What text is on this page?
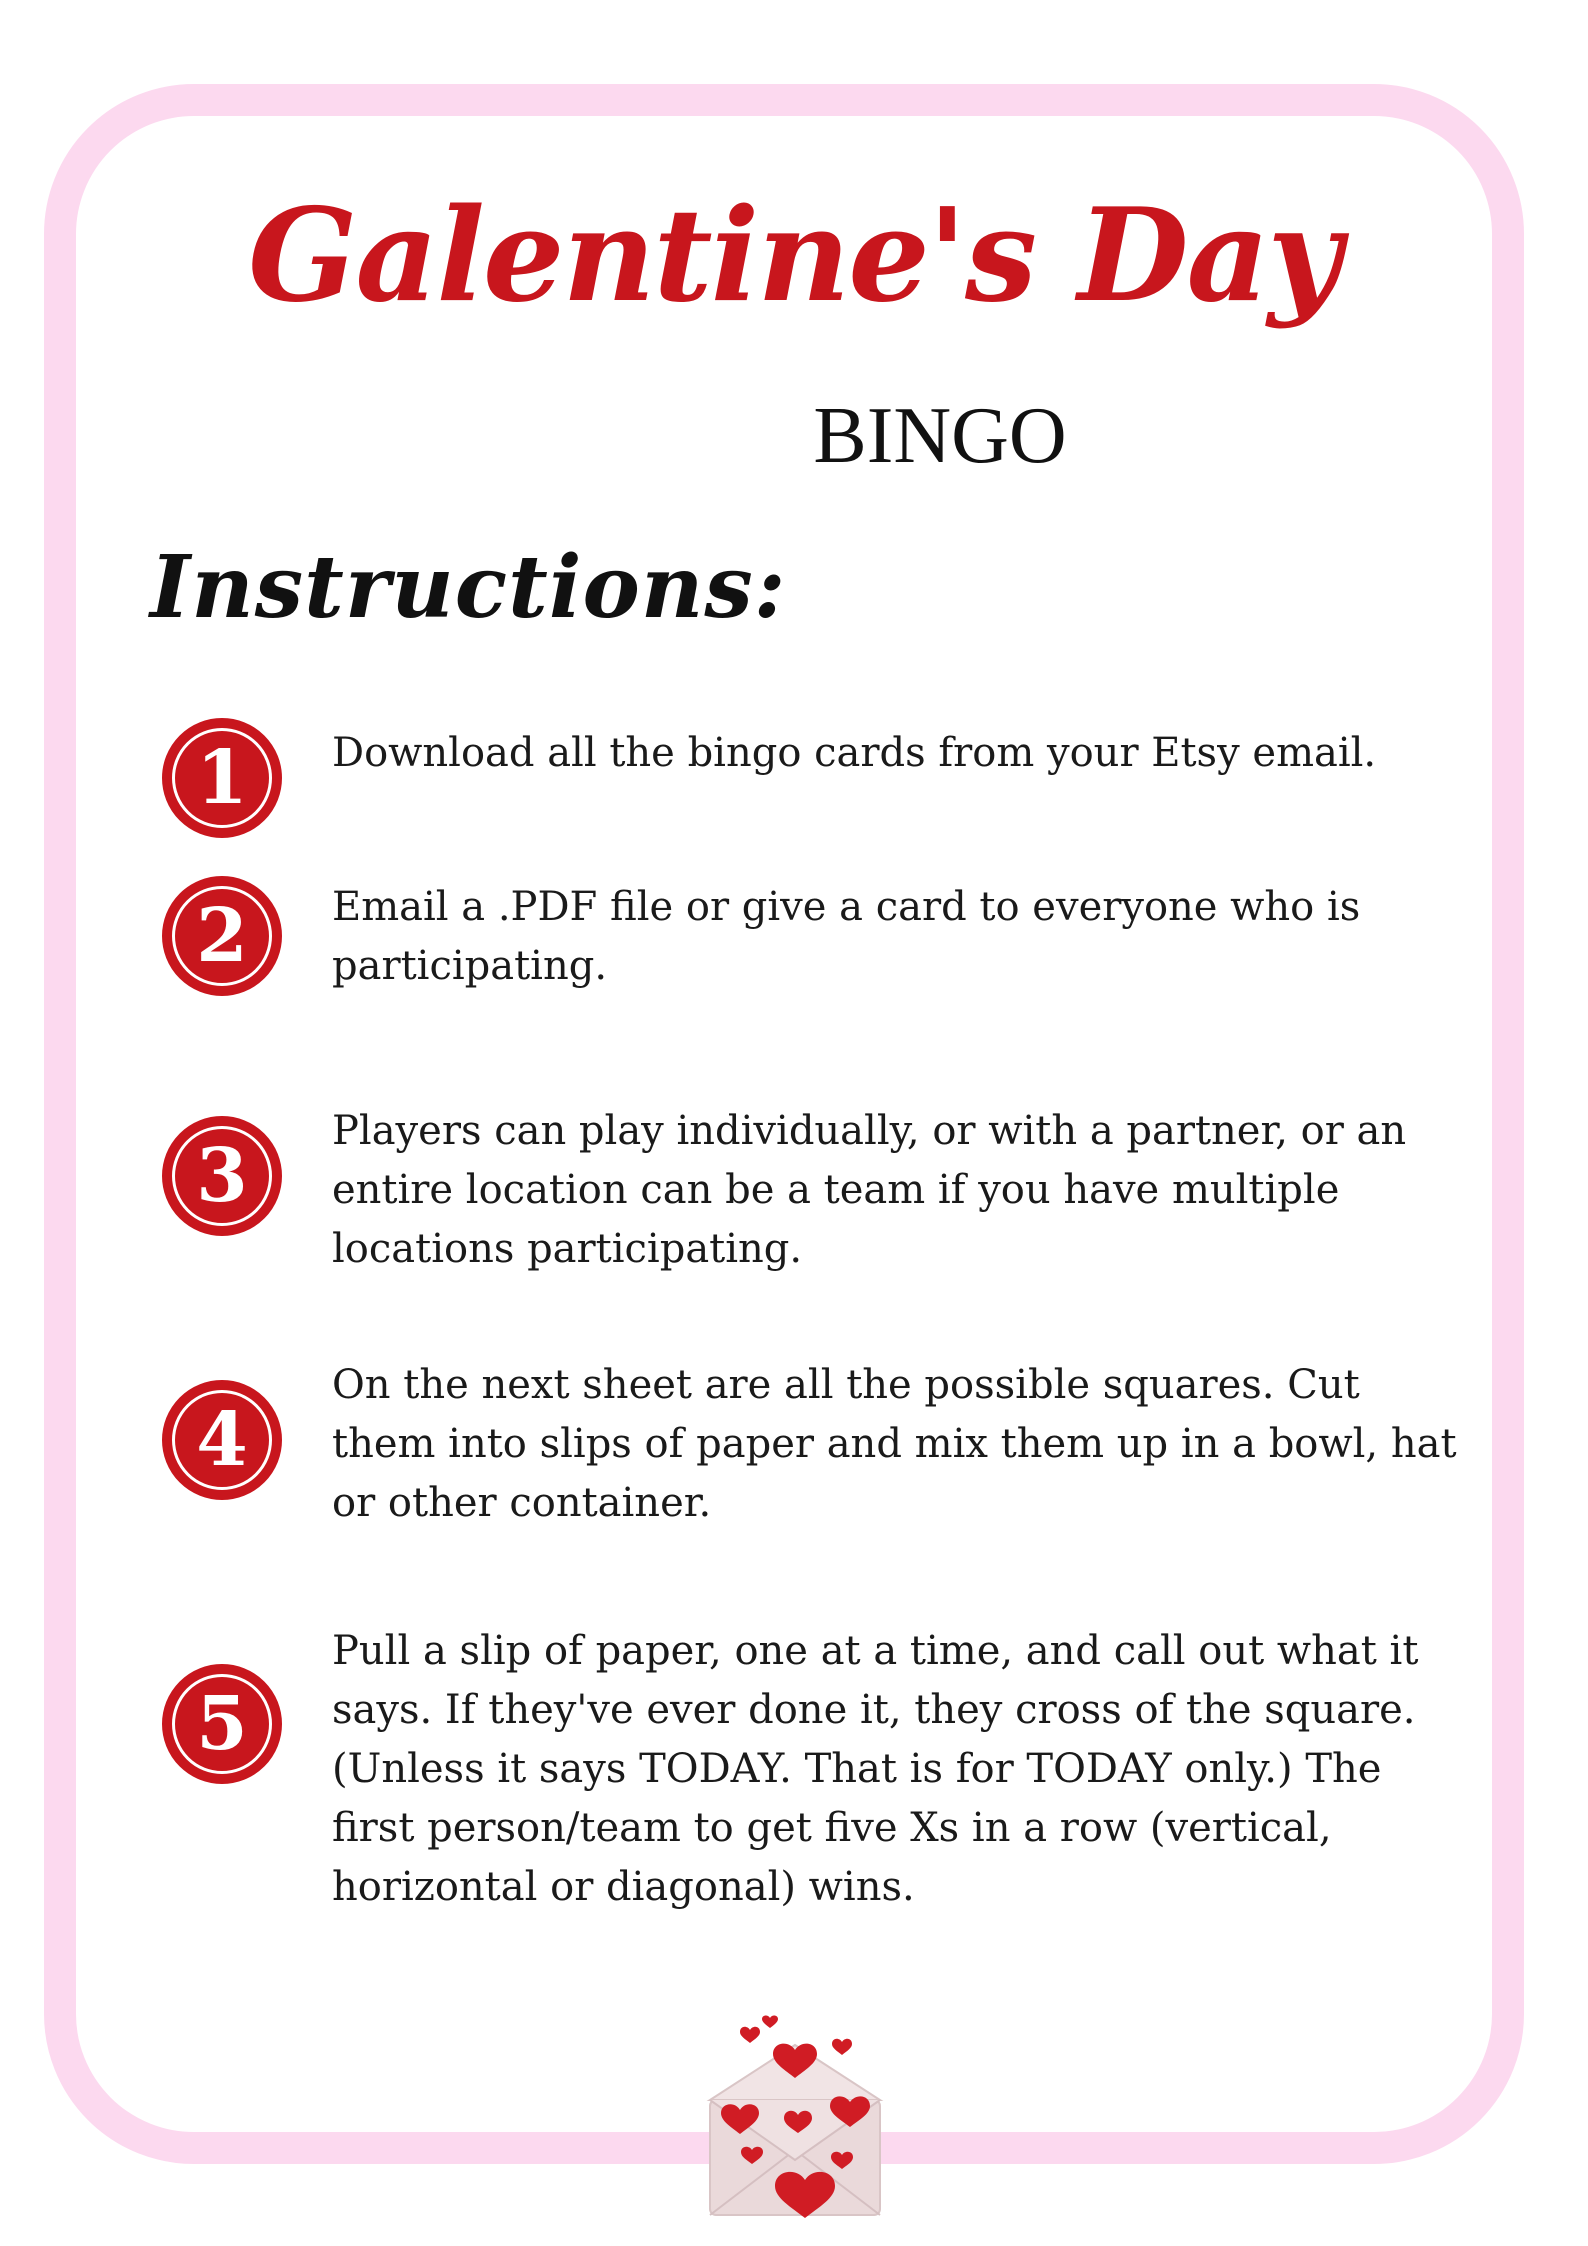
Galentine's Day
BINGO
Instructions:
1	Download all the bingo cards from your Etsy email.

2	Email a .PDF file or give a card to everyone who is participating.

3

Players can play individually, or with a partner, or an entire location can be a team if you have multiple locations participating.

4

On the next sheet are all the possible squares. Cut them into slips of paper and mix them up in a bowl, hat or other container.

5

Pull a slip of paper, one at a time, and call out what it says. If they've ever done it, they cross of the square. (Unless it says TODAY. That is for TODAY only.) The first person/team to get five Xs in a row (vertical, horizontal or diagonal) wins.
